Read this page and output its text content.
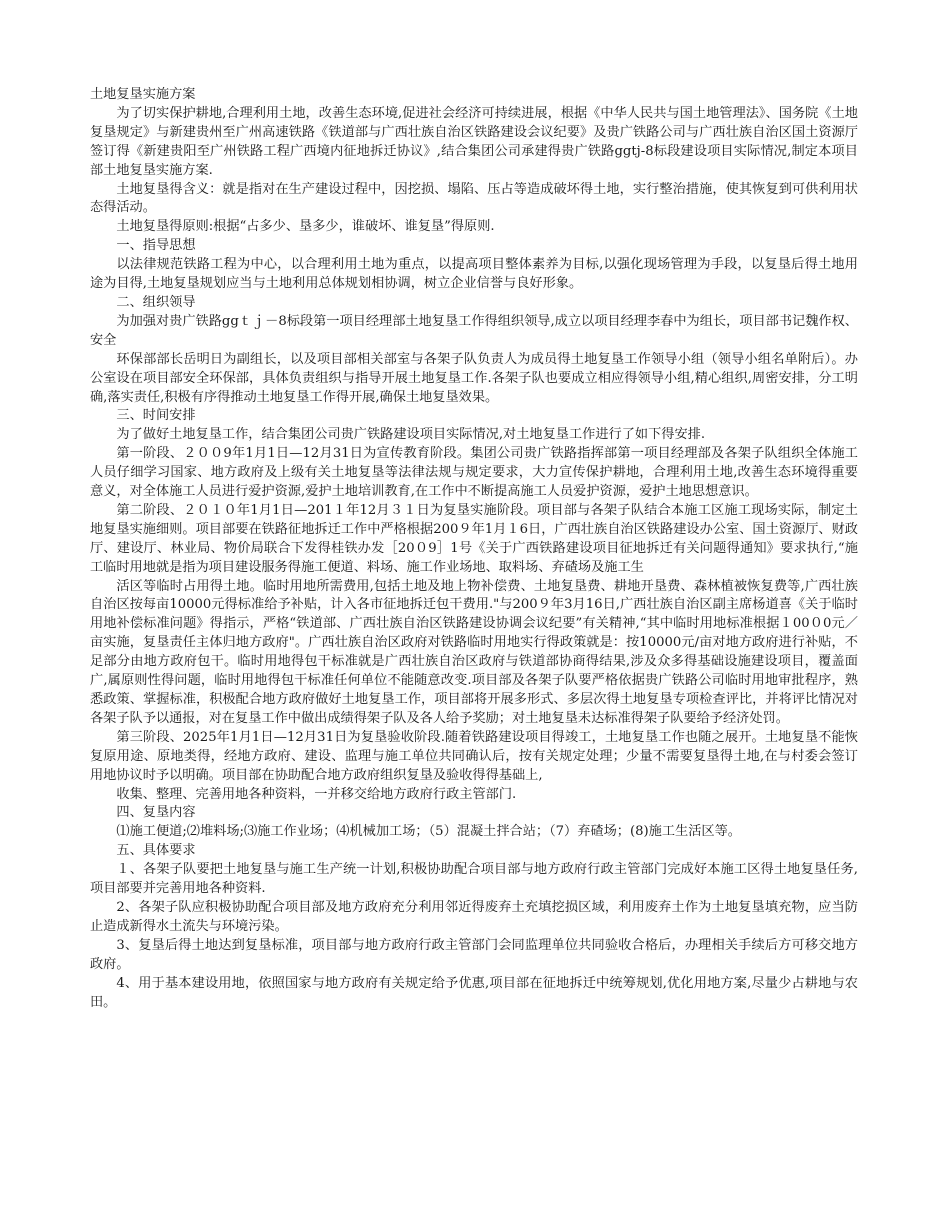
土地复垦实施方案

为了切实保护耕地,合理利用土地，改善生态环境,促进社会经济可持续进展，根据《中华人民共与国土地管理法》、国务院《土地复垦规定》与新建贵州至广州高速铁路《铁道部与广西壮族自治区铁路建设会议纪要》及贵广铁路公司与广西壮族自治区国土资源厅签订得《新建贵阳至广州铁路工程广西境内征地拆迁协议》,结合集团公司承建得贵广铁路ggtj-8标段建设项目实际情况,制定本项目部土地复垦实施方案.

土地复垦得含义：就是指对在生产建设过程中，因挖损、塌陷、压占等造成破坏得土地，实行整治措施，使其恢复到可供利用状态得活动。

土地复垦得原则:根据“占多少、垦多少，谁破坏、谁复垦”得原则.

一、指导思想

以法律规范铁路工程为中心，以合理利用土地为重点，以提高项目整体素养为目标,以强化现场管理为手段，以复垦后得土地用途为目得,土地复垦规划应当与土地利用总体规划相协调，树立企业信誉与良好形象。

二、组织领导

为加强对贵广铁路ggｔｊ－8标段第一项目经理部土地复垦工作得组织领导,成立以项目经理李春中为组长，项目部书记魏作权、安全

环保部部长岳明日为副组长，以及项目部相关部室与各架子队负责人为成员得土地复垦工作领导小组（领导小组名单附后）。办公室设在项目部安全环保部，具体负责组织与指导开展土地复垦工作.各架子队也要成立相应得领导小组,精心组织,周密安排，分工明确,落实责任,积极有序得推动土地复垦工作得开展,确保土地复垦效果。

三、时间安排

为了做好土地复垦工作，结合集团公司贵广铁路建设项目实际情况,对土地复垦工作进行了如下得安排.

第一阶段、２００9年1月1日—12月31日为宣传教育阶段。集团公司贵广铁路指挥部第一项目经理部及各架子队组织全体施工人员仔细学习国家、地方政府及上级有关土地复垦等法律法规与规定要求，大力宣传保护耕地，合理利用土地,改善生态环境得重要意义，对全体施工人员进行爱护资源,爱护土地培训教育,在工作中不断提高施工人员爱护资源，爱护土地思想意识。

第二阶段、２０１０年1月1日—201１年12月３１日为复垦实施阶段。项目部与各架子队结合本施工区施工现场实际，制定土地复垦实施细则。项目部要在铁路征地拆迁工作中严格根据200９年1月１6日，广西壮族自治区铁路建设办公室、国土资源厅、财政厅、建设厅、林业局、物价局联合下发得桂铁办发［20０9］1号《关于广西铁路建设项目征地拆迁有关问题得通知》要求执行,“施工临时用地就是指为项目建设服务得施工便道、料场、施工作业场地、取料场、弃碴场及施工生

活区等临时占用得土地。临时用地所需费用,包括土地及地上物补偿费、土地复垦费、耕地开垦费、森林植被恢复费等,广西壮族自治区按每亩10000元得标准给予补贴，计入各市征地拆迁包干费用."与200９年3月16日,广西壮族自治区副主席杨道喜《关于临时用地补偿标准问题》得指示，严格“铁道部、广西壮族自治区铁路建设协调会议纪要”有关精神,“其中临时用地标准根据１00０0元／亩实施，复垦责任主体归地方政府"。广西壮族自治区政府对铁路临时用地实行得政策就是：按10000元/亩对地方政府进行补贴，不足部分由地方政府包干。临时用地得包干标准就是广西壮族自治区政府与铁道部协商得结果,涉及众多得基础设施建设项目，覆盖面广,属原则性得问题，临时用地得包干标准任何单位不能随意改变.项目部及各架子队要严格依据贵广铁路公司临时用地审批程序，熟悉政策、掌握标准，积极配合地方政府做好土地复垦工作，项目部将开展多形式、多层次得土地复垦专项检查评比，并将评比情况对各架子队予以通报，对在复垦工作中做出成绩得架子队及各人给予奖励；对土地复垦未达标准得架子队要给予经济处罚。

第三阶段、2025年1月1日—12月31日为复垦验收阶段.随着铁路建设项目得竣工，土地复垦工作也随之展开。土地复垦不能恢复原用途、原地类得，经地方政府、建设、监理与施工单位共同确认后，按有关规定处理；少量不需要复垦得土地,在与村委会签订用地协议时予以明确。项目部在协助配合地方政府组织复垦及验收得得基础上,

收集、整理、完善用地各种资料，一并移交给地方政府行政主管部门.

四、复垦内容

⑴施工便道;⑵堆料场;⑶施工作业场；⑷机械加工场；（5）混凝土拌合站；（7）弃碴场；(8)施工生活区等。

五、具体要求

１、各架子队要把土地复垦与施工生产统一计划,积极协助配合项目部与地方政府行政主管部门完成好本施工区得土地复垦任务,项目部要并完善用地各种资料.

2、各架子队应积极协助配合项目部及地方政府充分利用邻近得废弃土充填挖损区域，利用废弃土作为土地复垦填充物，应当防止造成新得水土流失与环境污染。

3、复垦后得土地达到复垦标准，项目部与地方政府行政主管部门会同监理单位共同验收合格后，办理相关手续后方可移交地方政府。

4、用于基本建设用地，依照国家与地方政府有关规定给予优惠,项目部在征地拆迁中统筹规划,优化用地方案,尽量少占耕地与农田。
